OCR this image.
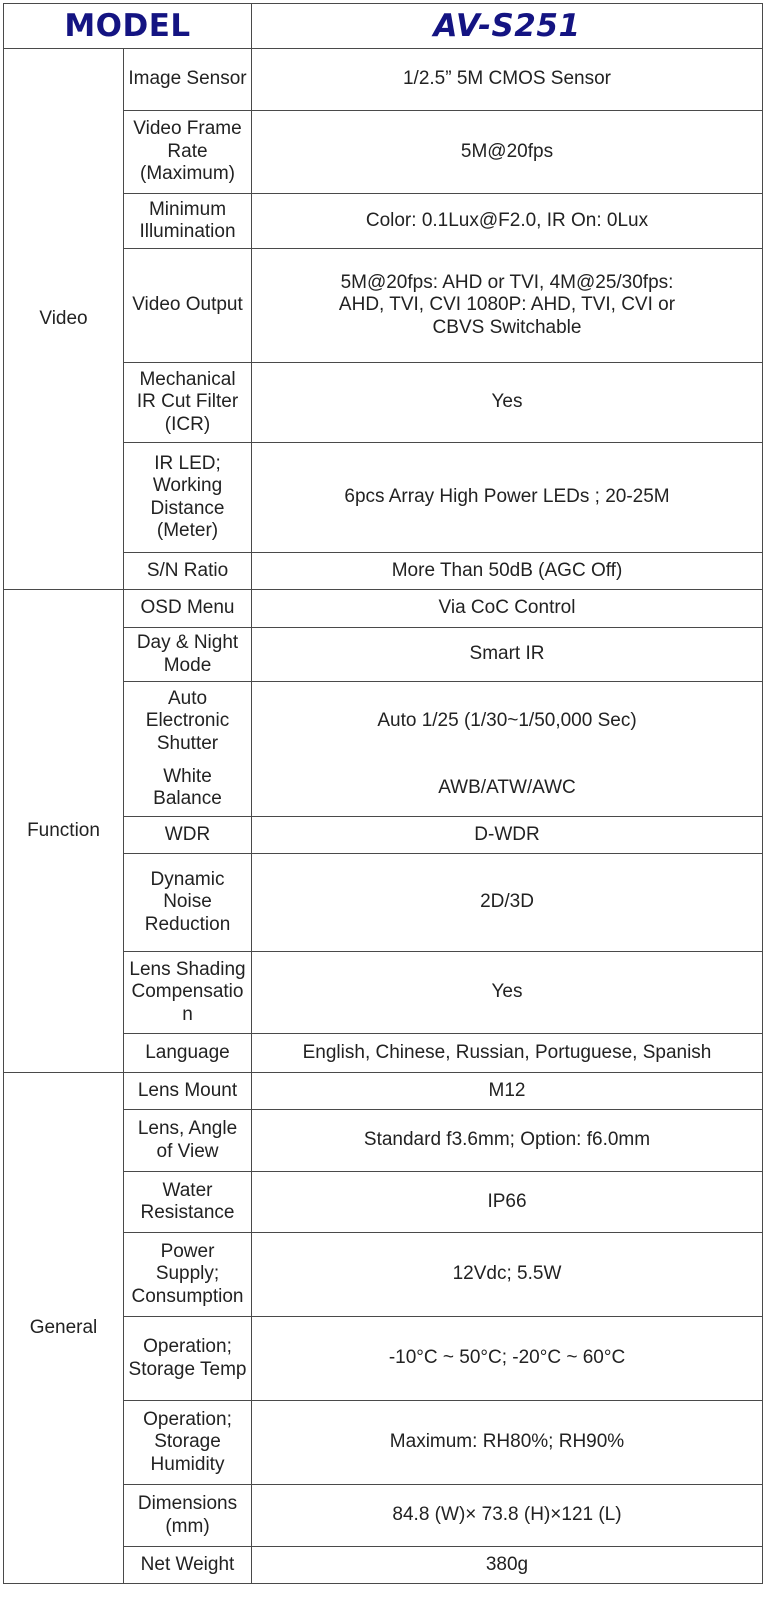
MODEL		AV-S251
Video	Image Sensor	1/2.5” 5M CMOS Sensor
	Video Frame Rate (Maximum)	5M@20fps
	Minimum Illumination	Color: 0.1Lux@F2.0, IR On: 0Lux
	Video Output	5M@20fps: AHD or TVI, 4M@25/30fps: AHD, TVI, CVI 1080P: AHD, TVI, CVI or CBVS Switchable
	Mechanical IR Cut Filter (ICR)	Yes
	IR LED; Working Distance (Meter)	6pcs Array High Power LEDs ; 20-25M
	S/N Ratio	More Than 50dB (AGC Off)
Function	OSD Menu	Via CoC Control
	Day & Night Mode	Smart IR
	Auto Electronic Shutter	Auto 1/25 (1/30~1/50,000 Sec)
	White Balance	AWB/ATW/AWC
	WDR	D-WDR
	Dynamic Noise Reduction	2D/3D
	Lens Shading Compensation	Yes
	Language	English, Chinese, Russian, Portuguese, Spanish
General	Lens Mount	M12
	Lens, Angle of View	Standard f3.6mm; Option: f6.0mm
	Water Resistance	IP66
	Power Supply; Consumption	12Vdc; 5.5W
	Operation; Storage Temp	-10°C ~ 50°C; -20°C ~ 60°C
	Operation; Storage Humidity	Maximum: RH80%; RH90%
	Dimensions (mm)	84.8 (W)× 73.8 (H)×121 (L)
	Net Weight	380g
